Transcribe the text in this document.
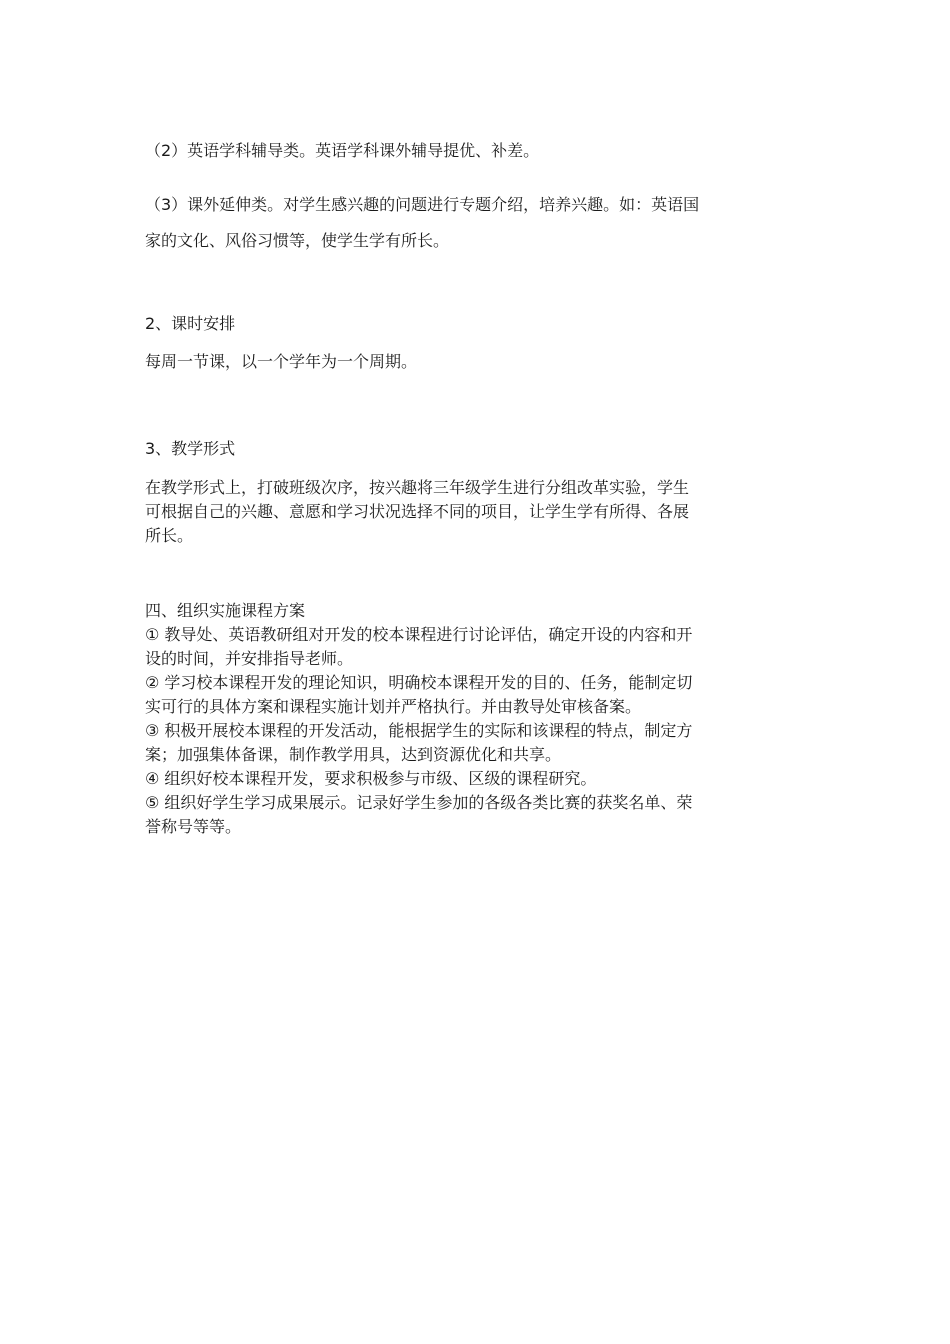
（2）英语学科辅导类。英语学科课外辅导提优、补差。

（3）课外延伸类。对学生感兴趣的问题进行专题介绍，培养兴趣。如：英语国
家的文化、风俗习惯等，使学生学有所长。

2、课时安排

每周一节课，以一个学年为一个周期。

3、教学形式

在教学形式上，打破班级次序，按兴趣将三年级学生进行分组改革实验，学生
可根据自己的兴趣、意愿和学习状况选择不同的项目，让学生学有所得、各展
所长。
四、组织实施课程方案
① 教导处、英语教研组对开发的校本课程进行讨论评估，确定开设的内容和开
设的时间，并安排指导老师。
② 学习校本课程开发的理论知识，明确校本课程开发的目的、任务，能制定切
实可行的具体方案和课程实施计划并严格执行。并由教导处审核备案。
③ 积极开展校本课程的开发活动，能根据学生的实际和该课程的特点，制定方
案；加强集体备课，制作教学用具，达到资源优化和共享。
④ 组织好校本课程开发，要求积极参与市级、区级的课程研究。
⑤ 组织好学生学习成果展示。记录好学生参加的各级各类比赛的获奖名单、荣
誉称号等等。
